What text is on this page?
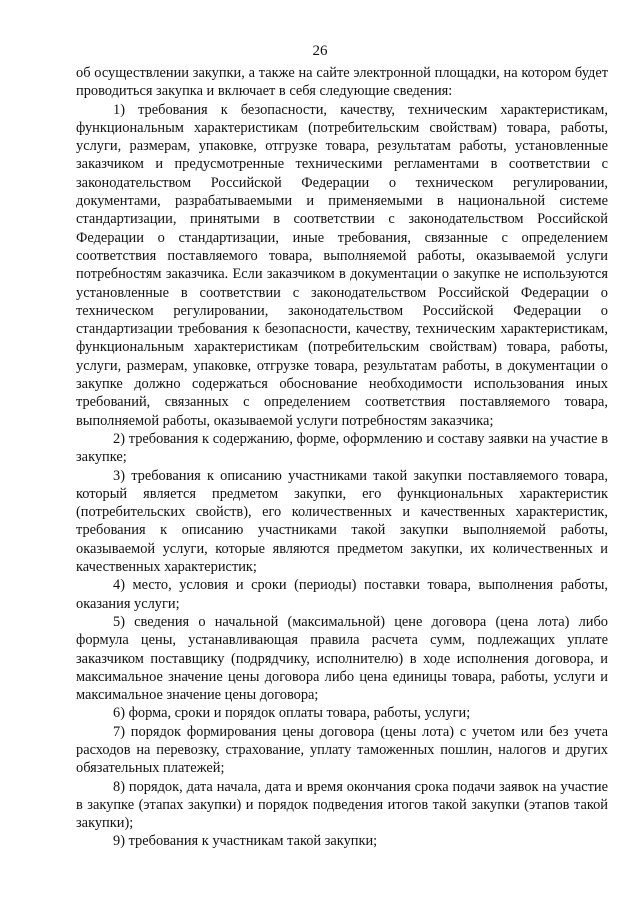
26

об осуществлении закупки, а также на сайте электронной площадки, на котором будет проводиться закупка и включает в себя следующие сведения:

1) требования к безопасности, качеству, техническим характеристикам, функциональным характеристикам (потребительским свойствам) товара, работы, услуги, размерам, упаковке, отгрузке товара, результатам работы, установленные заказчиком и предусмотренные техническими регламентами в соответствии с законодательством Российской Федерации о техническом регулировании, документами, разрабатываемыми и применяемыми в национальной системе стандартизации, принятыми в соответствии с законодательством Российской Федерации о стандартизации, иные требования, связанные с определением соответствия поставляемого товара, выполняемой работы, оказываемой услуги потребностям заказчика. Если заказчиком в документации о закупке не используются установленные в соответствии с законодательством Российской Федерации о техническом регулировании, законодательством Российской Федерации о стандартизации требования к безопасности, качеству, техническим характеристикам, функциональным характеристикам (потребительским свойствам) товара, работы, услуги, размерам, упаковке, отгрузке товара, результатам работы, в документации о закупке должно содержаться обоснование необходимости использования иных требований, связанных с определением соответствия поставляемого товара, выполняемой работы, оказываемой услуги потребностям заказчика;

2) требования к содержанию, форме, оформлению и составу заявки на участие в закупке;

3) требования к описанию участниками такой закупки поставляемого товара, который является предметом закупки, его функциональных характеристик (потребительских свойств), его количественных и качественных характеристик, требования к описанию участниками такой закупки выполняемой работы, оказываемой услуги, которые являются предметом закупки, их количественных и качественных характеристик;

4) место, условия и сроки (периоды) поставки товара, выполнения работы, оказания услуги;

5) сведения о начальной (максимальной) цене договора (цена лота) либо формула цены, устанавливающая правила расчета сумм, подлежащих уплате заказчиком поставщику (подрядчику, исполнителю) в ходе исполнения договора, и максимальное значение цены договора либо цена единицы товара, работы, услуги и максимальное значение цены договора;

6) форма, сроки и порядок оплаты товара, работы, услуги;

7) порядок формирования цены договора (цены лота) с учетом или без учета расходов на перевозку, страхование, уплату таможенных пошлин, налогов и других обязательных платежей;

8) порядок, дата начала, дата и время окончания срока подачи заявок на участие в закупке (этапах закупки) и порядок подведения итогов такой закупки (этапов такой закупки);

9) требования к участникам такой закупки;
